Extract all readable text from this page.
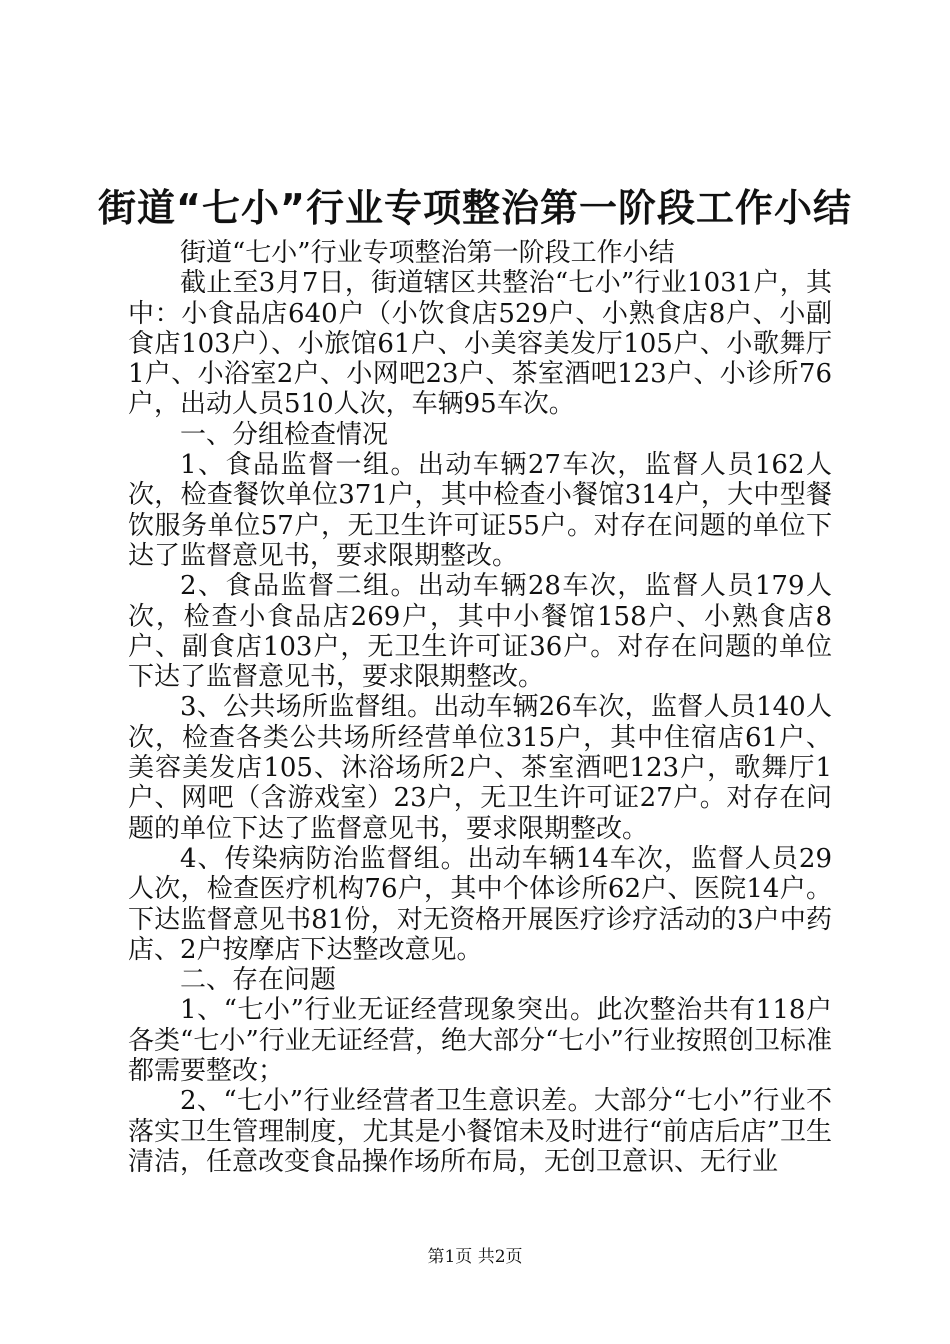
街道“七小”行业专项整治第一阶段工作小结

街道“七小”行业专项整治第一阶段工作小结

截止至3月7日，街道辖区共整治“七小”行业1031户，其中：小食品店640户（小饮食店529户、小熟食店8户、小副食店103户）、小旅馆61户、小美容美发厅105户、小歌舞厅1户、小浴室2户、小网吧23户、茶室酒吧123户、小诊所76户，出动人员510人次，车辆95车次。

一、分组检查情况

1、食品监督一组。出动车辆27车次，监督人员162人次，检查餐饮单位371户，其中检查小餐馆314户，大中型餐饮服务单位57户，无卫生许可证55户。对存在问题的单位下达了监督意见书，要求限期整改。

2、食品监督二组。出动车辆28车次，监督人员179人次，检查小食品店269户，其中小餐馆158户、小熟食店8户、副食店103户，无卫生许可证36户。对存在问题的单位下达了监督意见书，要求限期整改。

3、公共场所监督组。出动车辆26车次，监督人员140人次，检查各类公共场所经营单位315户，其中住宿店61户、美容美发店105、沐浴场所2户、茶室酒吧123户，歌舞厅1户、网吧（含游戏室）23户，无卫生许可证27户。对存在问题的单位下达了监督意见书，要求限期整改。

4、传染病防治监督组。出动车辆14车次，监督人员29人次，检查医疗机构76户，其中个体诊所62户、医院14户。下达监督意见书81份，对无资格开展医疗诊疗活动的3户中药店、2户按摩店下达整改意见。

二、存在问题

1、“七小”行业无证经营现象突出。此次整治共有118户各类“七小”行业无证经营，绝大部分“七小”行业按照创卫标准都需要整改；

2、“七小”行业经营者卫生意识差。大部分“七小”行业不落实卫生管理制度，尤其是小餐馆未及时进行“前店后店”卫生清洁，任意改变食品操作场所布局，无创卫意识、无行业

第1页 共2页
